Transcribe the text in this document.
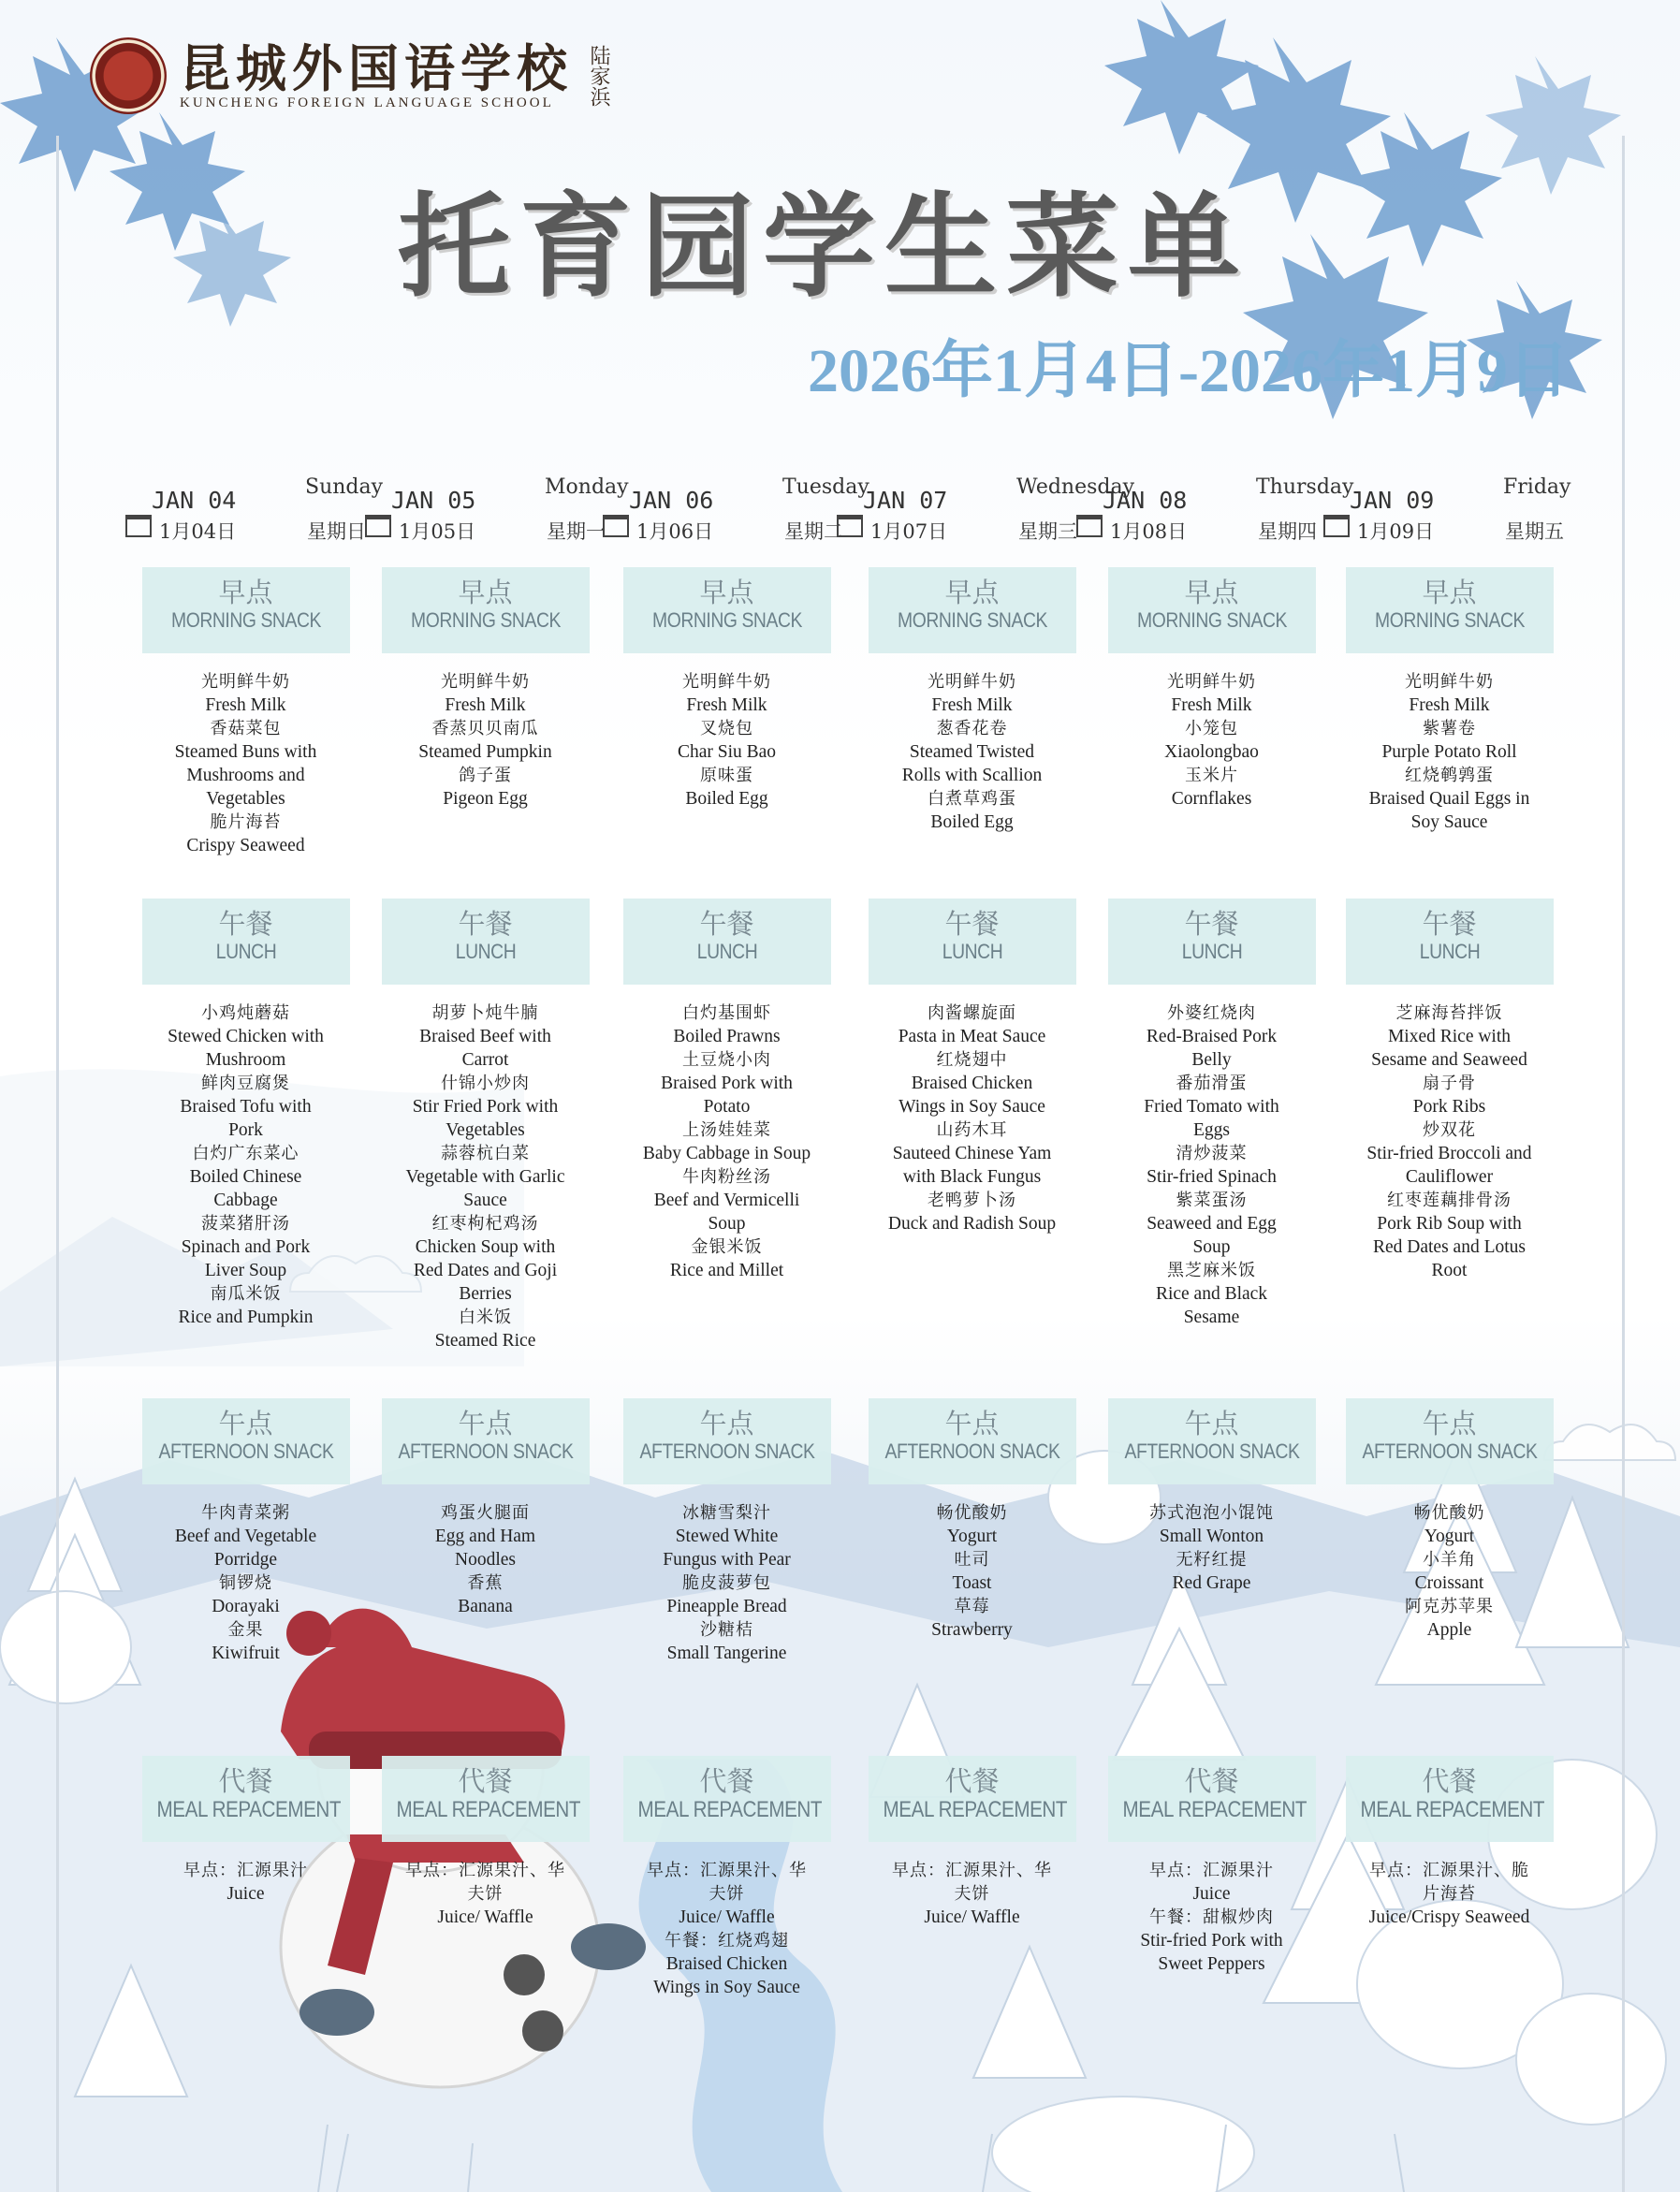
昆城外国语学校
KUNCHENG FOREIGN LANGUAGE SCHOOL	陆家浜
托育园学生菜单
2026年1月4日-2026年1月9日
JAN 04
1月04日
Sunday
星期日
JAN 05
1月05日
Monday
星期一
JAN 06
1月06日
Tuesday
星期二
JAN 07
1月07日
Wednesday
星期三
JAN 08
1月08日
Thursday
星期四
JAN 09
1月09日
Friday
星期五
早点
MORNING SNACK
光明鲜牛奶
Fresh Milk
香菇菜包
Steamed Buns with
Mushrooms and
Vegetables
脆片海苔
Crispy Seaweed
早点
MORNING SNACK
光明鲜牛奶
Fresh Milk
香蒸贝贝南瓜
Steamed Pumpkin
鸽子蛋
Pigeon Egg
早点
MORNING SNACK
光明鲜牛奶
Fresh Milk
叉烧包
Char Siu Bao
原味蛋
Boiled Egg
早点
MORNING SNACK
光明鲜牛奶
Fresh Milk
葱香花卷
Steamed Twisted
Rolls with Scallion
白煮草鸡蛋
Boiled Egg
早点
MORNING SNACK
光明鲜牛奶
Fresh Milk
小笼包
Xiaolongbao
玉米片
Cornflakes
早点
MORNING SNACK
光明鲜牛奶
Fresh Milk
紫薯卷
Purple Potato Roll
红烧鹌鹑蛋
Braised Quail Eggs in
Soy Sauce
午餐
LUNCH
小鸡炖蘑菇
Stewed Chicken with
Mushroom
鲜肉豆腐煲
Braised Tofu with
Pork
白灼广东菜心
Boiled Chinese
Cabbage
菠菜猪肝汤
Spinach and Pork
Liver Soup
南瓜米饭
Rice and Pumpkin
午餐
LUNCH
胡萝卜炖牛腩
Braised Beef with
Carrot
什锦小炒肉
Stir Fried Pork with
Vegetables
蒜蓉杭白菜
Vegetable with Garlic
Sauce
红枣枸杞鸡汤
Chicken Soup with
Red Dates and Goji
Berries
白米饭
Steamed Rice
午餐
LUNCH
白灼基围虾
Boiled Prawns
土豆烧小肉
Braised Pork with
Potato
上汤娃娃菜
Baby Cabbage in Soup
牛肉粉丝汤
Beef and Vermicelli
Soup
金银米饭
Rice and Millet
午餐
LUNCH
肉酱螺旋面
Pasta in Meat Sauce
红烧翅中
Braised Chicken
Wings in Soy Sauce
山药木耳
Sauteed Chinese Yam
with Black Fungus
老鸭萝卜汤
Duck and Radish Soup
午餐
LUNCH
外婆红烧肉
Red-Braised Pork
Belly
番茄滑蛋
Fried Tomato with
Eggs
清炒菠菜
Stir-fried Spinach
紫菜蛋汤
Seaweed and Egg
Soup
黑芝麻米饭
Rice and Black
Sesame
午餐
LUNCH
芝麻海苔拌饭
Mixed Rice with
Sesame and Seaweed
扇子骨
Pork Ribs
炒双花
Stir-fried Broccoli and
Cauliflower
红枣莲藕排骨汤
Pork Rib Soup with
Red Dates and Lotus
Root
午点
AFTERNOON SNACK
牛肉青菜粥
Beef and Vegetable
Porridge
铜锣烧
Dorayaki
金果
Kiwifruit
午点
AFTERNOON SNACK
鸡蛋火腿面
Egg and Ham
Noodles
香蕉
Banana
午点
AFTERNOON SNACK
冰糖雪梨汁
Stewed White
Fungus with Pear
脆皮菠萝包
Pineapple Bread
沙糖桔
Small Tangerine
午点
AFTERNOON SNACK
畅优酸奶
Yogurt
吐司
Toast
草莓
Strawberry
午点
AFTERNOON SNACK
苏式泡泡小馄饨
Small Wonton
无籽红提
Red Grape
午点
AFTERNOON SNACK
畅优酸奶
Yogurt
小羊角
Croissant
阿克苏苹果
Apple
代餐
MEAL REPACEMENT
早点：汇源果汁
Juice
代餐
MEAL REPACEMENT
早点：汇源果汁、华
夫饼
Juice/ Waffle
代餐
MEAL REPACEMENT
早点：汇源果汁、华
夫饼
Juice/ Waffle
午餐：红烧鸡翅
Braised Chicken
Wings in Soy Sauce
代餐
MEAL REPACEMENT
早点：汇源果汁、华
夫饼
Juice/ Waffle
代餐
MEAL REPACEMENT
早点：汇源果汁
Juice
午餐：甜椒炒肉
Stir-fried Pork with
Sweet Peppers
代餐
MEAL REPACEMENT
早点：汇源果汁、脆
片海苔
Juice/Crispy Seaweed
